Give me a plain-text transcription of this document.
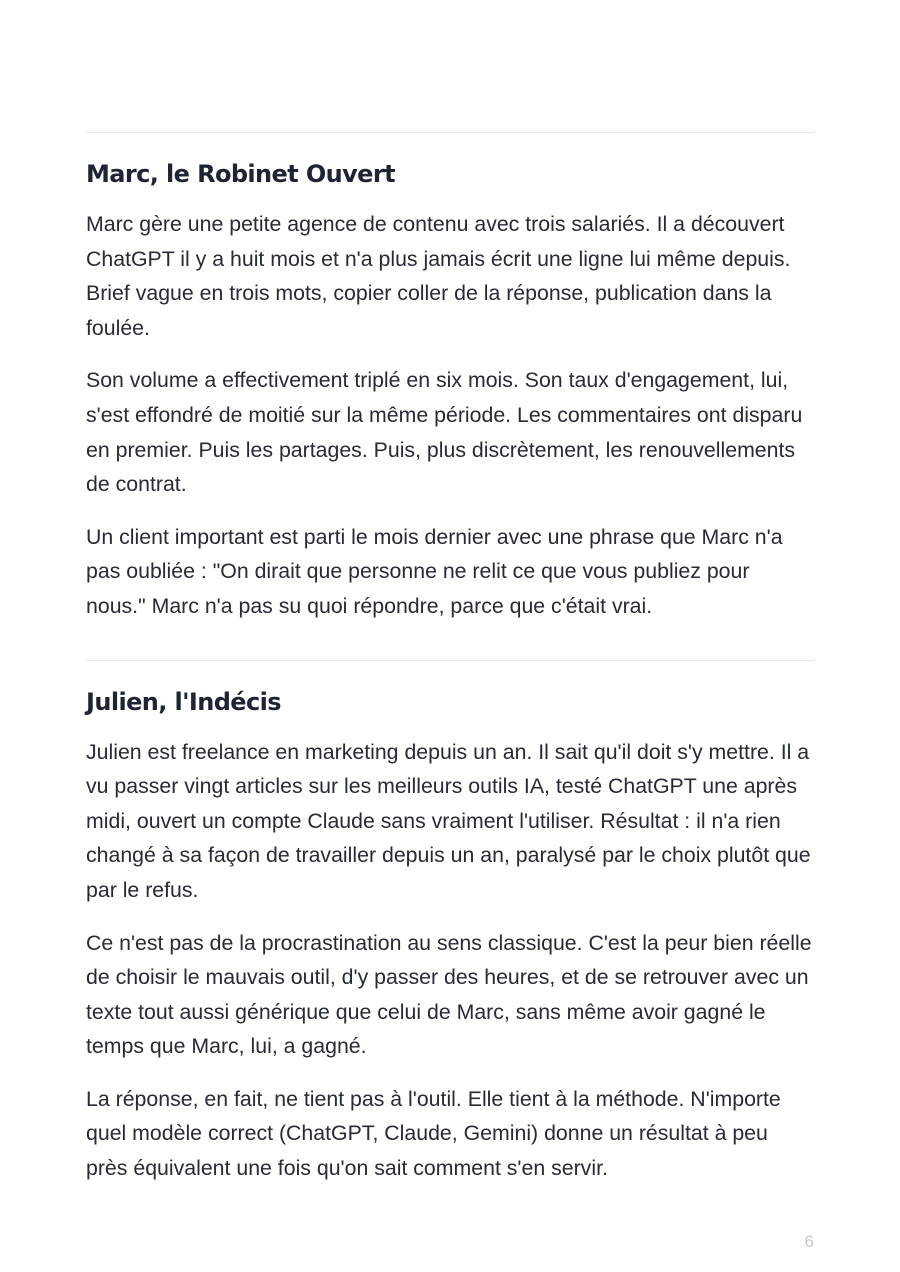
Marc, le Robinet Ouvert

Marc gère une petite agence de contenu avec trois salariés. Il a découvert ChatGPT il y a huit mois et n'a plus jamais écrit une ligne lui même depuis. Brief vague en trois mots, copier coller de la réponse, publication dans la foulée.

Son volume a effectivement triplé en six mois. Son taux d'engagement, lui, s'est effondré de moitié sur la même période. Les commentaires ont disparu en premier. Puis les partages. Puis, plus discrètement, les renouvellements de contrat.

Un client important est parti le mois dernier avec une phrase que Marc n'a pas oubliée : "On dirait que personne ne relit ce que vous publiez pour nous." Marc n'a pas su quoi répondre, parce que c'était vrai.

Julien, l'Indécis

Julien est freelance en marketing depuis un an. Il sait qu'il doit s'y mettre. Il a vu passer vingt articles sur les meilleurs outils IA, testé ChatGPT une après midi, ouvert un compte Claude sans vraiment l'utiliser. Résultat : il n'a rien changé à sa façon de travailler depuis un an, paralysé par le choix plutôt que par le refus.

Ce n'est pas de la procrastination au sens classique. C'est la peur bien réelle de choisir le mauvais outil, d'y passer des heures, et de se retrouver avec un texte tout aussi générique que celui de Marc, sans même avoir gagné le temps que Marc, lui, a gagné.

La réponse, en fait, ne tient pas à l'outil. Elle tient à la méthode. N'importe quel modèle correct (ChatGPT, Claude, Gemini) donne un résultat à peu près équivalent une fois qu'on sait comment s'en servir.

6
